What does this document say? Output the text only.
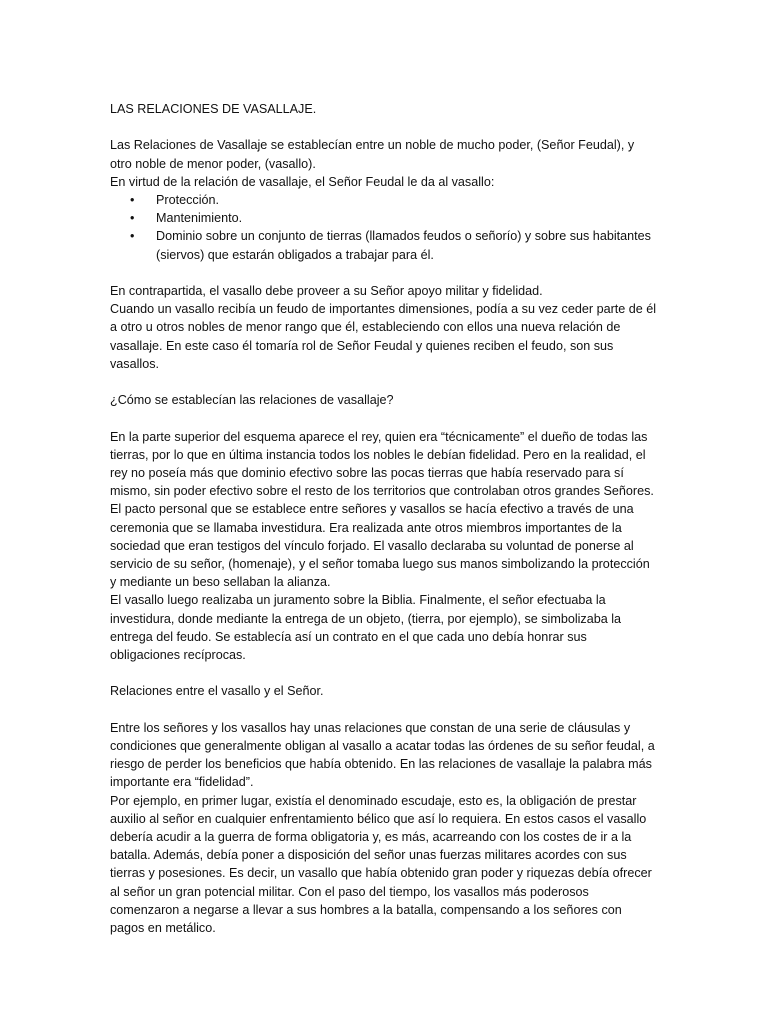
LAS RELACIONES DE VASALLAJE.

Las Relaciones de Vasallaje se establecían entre un noble de mucho poder, (Señor Feudal), y otro noble de menor poder, (vasallo).

En virtud de la relación de vasallaje, el Señor Feudal le da al vasallo:

• Protección.
• Mantenimiento.
• Dominio sobre un conjunto de tierras (llamados feudos o señorío) y sobre sus habitantes (siervos) que estarán obligados a trabajar para él.

En contrapartida, el vasallo debe proveer a su Señor apoyo militar y fidelidad.

Cuando un vasallo recibía un feudo de importantes dimensiones, podía a su vez ceder parte de él a otro u otros nobles de menor rango que él, estableciendo con ellos una nueva relación de vasallaje. En este caso él tomaría rol de Señor Feudal y quienes reciben el feudo, son sus vasallos.

¿Cómo se establecían las relaciones de vasallaje?

En la parte superior del esquema aparece el rey, quien era “técnicamente” el dueño de todas las tierras, por lo que en última instancia todos los nobles le debían fidelidad. Pero en la realidad, el rey no poseía más que dominio efectivo sobre las pocas tierras que había reservado para sí mismo, sin poder efectivo sobre el resto de los territorios que controlaban otros grandes Señores.

El pacto personal que se establece entre señores y vasallos se hacía efectivo a través de una ceremonia que se llamaba investidura. Era realizada ante otros miembros importantes de la sociedad que eran testigos del vínculo forjado. El vasallo declaraba su voluntad de ponerse al servicio de su señor, (homenaje), y el señor tomaba luego sus manos simbolizando la protección y mediante un beso sellaban la alianza.

El vasallo luego realizaba un juramento sobre la Biblia. Finalmente, el señor efectuaba la investidura, donde mediante la entrega de un objeto, (tierra, por ejemplo), se simbolizaba la entrega del feudo. Se establecía así un contrato en el que cada uno debía honrar sus obligaciones recíprocas.

Relaciones entre el vasallo y el Señor.

Entre los señores y los vasallos hay unas relaciones que constan de una serie de cláusulas y condiciones que generalmente obligan al vasallo a acatar todas las órdenes de su señor feudal, a riesgo de perder los beneficios que había obtenido. En las relaciones de vasallaje la palabra más importante era “fidelidad”.

Por ejemplo, en primer lugar, existía el denominado escudaje, esto es, la obligación de prestar auxilio al señor en cualquier enfrentamiento bélico que así lo requiera. En estos casos el vasallo debería acudir a la guerra de forma obligatoria y, es más, acarreando con los costes de ir a la batalla. Además, debía poner a disposición del señor unas fuerzas militares acordes con sus tierras y posesiones. Es decir, un vasallo que había obtenido gran poder y riquezas debía ofrecer al señor un gran potencial militar. Con el paso del tiempo, los vasallos más poderosos comenzaron a negarse a llevar a sus hombres a la batalla, compensando a los señores con pagos en metálico.
